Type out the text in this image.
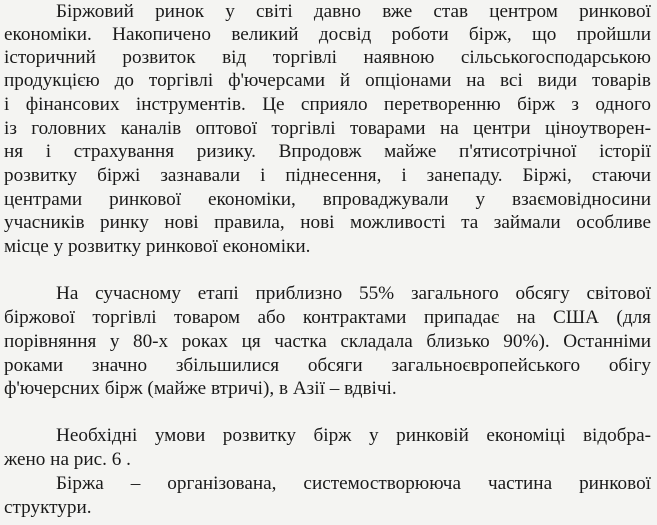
Біржовий ринок у світі давно вже став центром ринкової
економіки. Накопичено великий досвід роботи бірж, що пройшли
історичний розвиток від торгівлі наявною сільськогосподарською
продукцією до торгівлі ф'ючерсами й опціонами на всі види товарів
і фінансових інструментів. Це сприяло перетворенню бірж з одного
із головних каналів оптової торгівлі товарами на центри ціноутворен-
ня і страхування ризику. Впродовж майже п'ятисотрічної історії
розвитку біржі зазнавали і піднесення, і занепаду. Біржі, стаючи
центрами ринкової економіки, впроваджували у взаємовідносини
учасників ринку нові правила, нові можливості та займали особливе
місце у розвитку ринкової економіки.
На сучасному етапі приблизно 55% загального обсягу світової
біржової торгівлі товаром або контрактами припадає на США (для
порівняння у 80-х роках ця частка складала близько 90%). Останніми
роками значно збільшилися обсяги загальноєвропейського обігу
ф'ючерсних бірж (майже втричі), в Азії – вдвічі.
Необхідні умови розвитку бірж у ринковій економіці відобра-
жено на рис. 6 .
Біржа – організована, системостворююча частина ринкової
структури.
